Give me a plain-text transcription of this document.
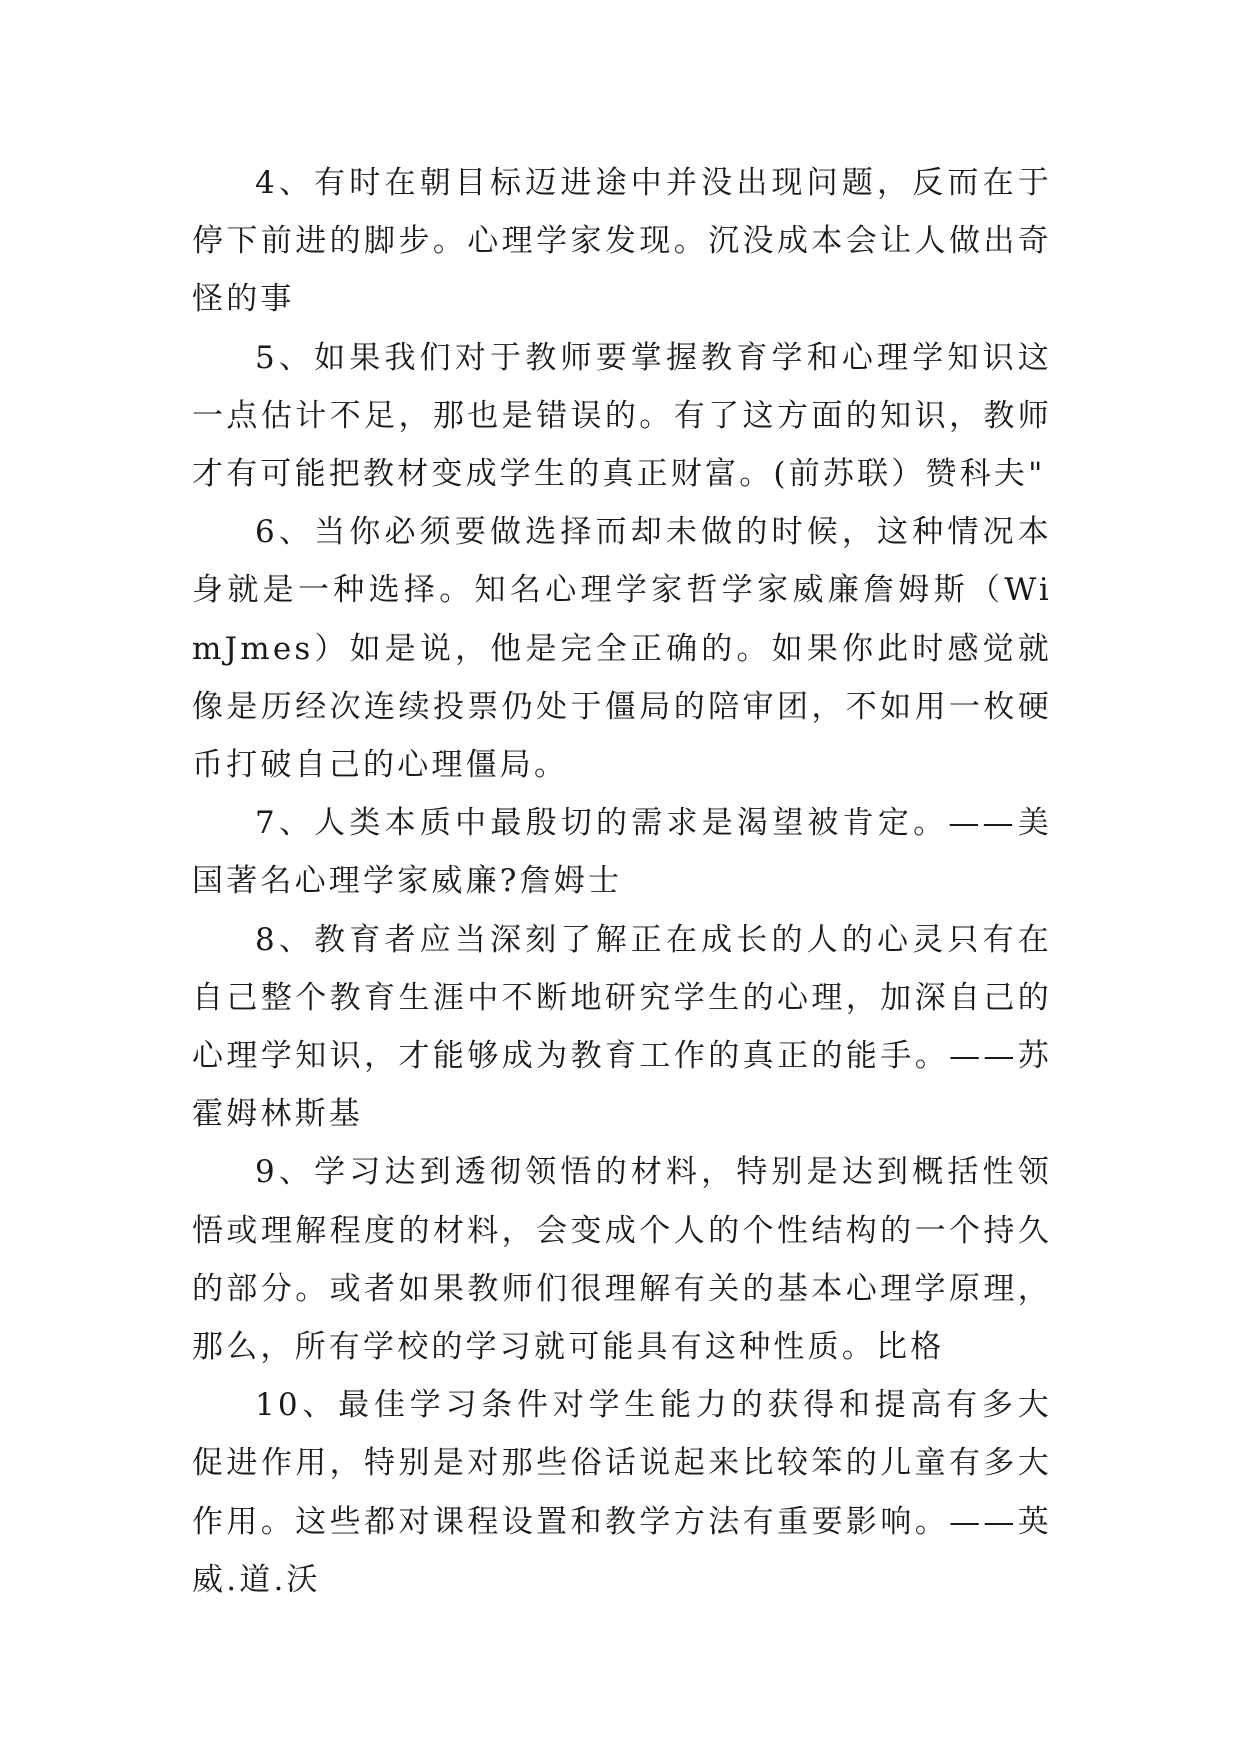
4、有时在朝目标迈进途中并没出现问题，反而在于停下前进的脚步。心理学家发现。沉没成本会让人做出奇怪的事

5、如果我们对于教师要掌握教育学和心理学知识这一点估计不足，那也是错误的。有了这方面的知识，教师才有可能把教材变成学生的真正财富。(前苏联）赞科夫"

6、当你必须要做选择而却未做的时候，这种情况本身就是一种选择。知名心理学家哲学家威廉詹姆斯（WimJmes）如是说，他是完全正确的。如果你此时感觉就像是历经次连续投票仍处于僵局的陪审团，不如用一枚硬币打破自己的心理僵局。

7、人类本质中最殷切的需求是渴望被肯定。——美国著名心理学家威廉?詹姆士

8、教育者应当深刻了解正在成长的人的心灵只有在自己整个教育生涯中不断地研究学生的心理，加深自己的心理学知识，才能够成为教育工作的真正的能手。——苏霍姆林斯基

9、学习达到透彻领悟的材料，特别是达到概括性领悟或理解程度的材料，会变成个人的个性结构的一个持久的部分。或者如果教师们很理解有关的基本心理学原理，那么，所有学校的学习就可能具有这种性质。比格

10、最佳学习条件对学生能力的获得和提高有多大促进作用，特别是对那些俗话说起来比较笨的儿童有多大作用。这些都对课程设置和教学方法有重要影响。——英威.道.沃
